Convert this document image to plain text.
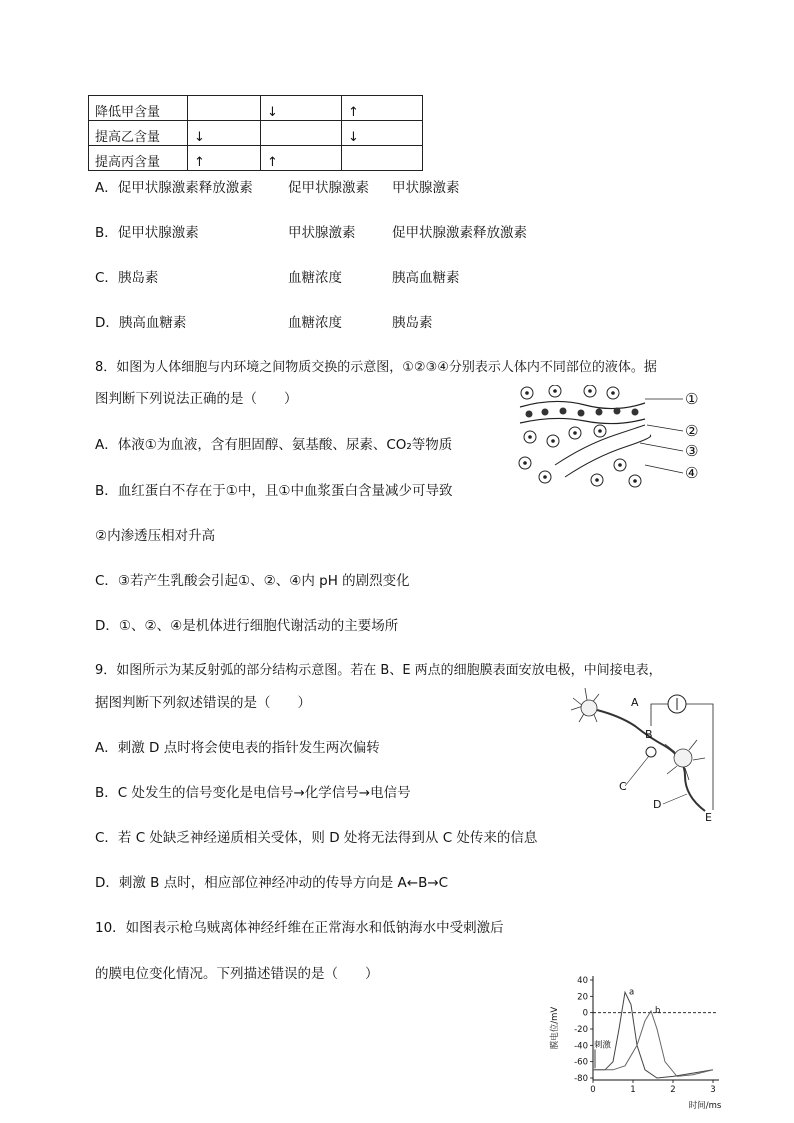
降低甲含量		↓	↑
提高乙含量	↓		↓
提高丙含量	↑	↑	
A．促甲状腺激素释放激素	促甲状腺激素 甲状腺激素
B．促甲状腺激素	甲状腺激素	促甲状腺激素释放激素
C．胰岛素	血糖浓度	胰高血糖素
D．胰高血糖素	血糖浓度	胰岛素
8．如图为人体细胞与内环境之间物质交换的示意图，①②③④分别表示人体内不同部位的液体。据
图判断下列说法正确的是（　　）
A．体液①为血液，含有胆固醇、氨基酸、尿素、CO₂等物质
B．血红蛋白不存在于①中，且①中血浆蛋白含量减少可导致
②内渗透压相对升高
C．③若产生乳酸会引起①、②、④内 pH 的剧烈变化
D．①、②、④是机体进行细胞代谢活动的主要场所
①
②
③
④
9．如图所示为某反射弧的部分结构示意图。若在 B、E 两点的细胞膜表面安放电极，中间接电表，
据图判断下列叙述错误的是（　　）
A．刺激 D 点时将会使电表的指针发生两次偏转
B．C 处发生的信号变化是电信号→化学信号→电信号
C．若 C 处缺乏神经递质相关受体，则 D 处将无法得到从 C 处传来的信息
D．刺激 B 点时，相应部位神经冲动的传导方向是 A←B→C
A
B
C
D
E
10．如图表示枪乌贼离体神经纤维在正常海水和低钠海水中受刺激后
的膜电位变化情况。下列描述错误的是（　　）	40
20
0
-20
-40
-60
-80
0	1	2	3
膜电位/mV
时间/ms
刺激
a
b
